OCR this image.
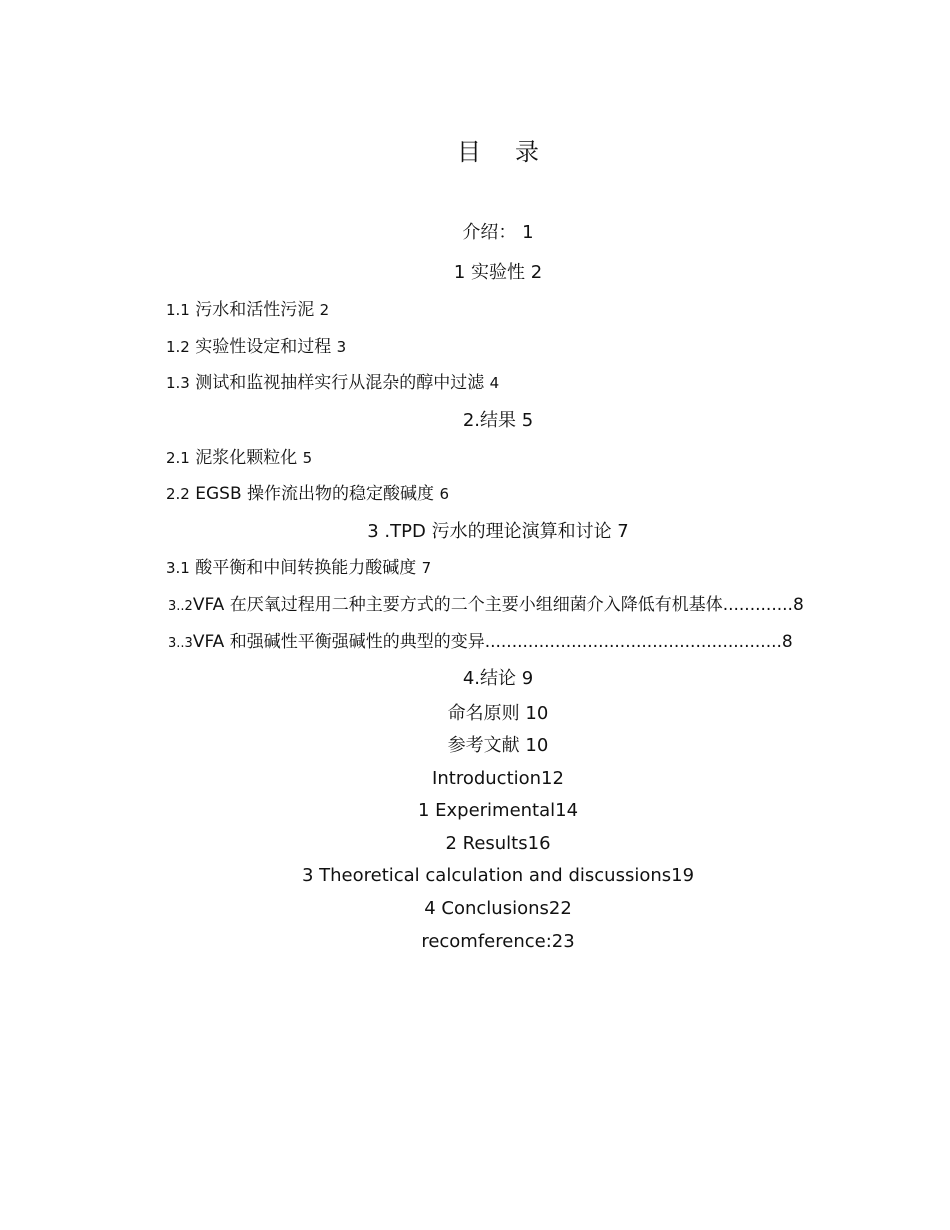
目 录
介绍： 1
1 实验性 2
1.1 污水和活性污泥 2
1.2 实验性设定和过程 3
1.3 测试和监视抽样实行从混杂的醇中过滤 4
2.结果 5
2.1 泥浆化颗粒化 5
2.2 EGSB 操作流出物的稳定酸碱度 6
3 .TPD 污水的理论演算和讨论 7
3.1 酸平衡和中间转换能力酸碱度 7
3..2VFA 在厌氧过程用二种主要方式的二个主要小组细菌介入降低有机基体.............8
3..3VFA 和强碱性平衡强碱性的典型的变异.......................................................8
4.结论 9
命名原则 10
参考文献 10
Introduction12
1 Experimental14
2 Results16
3 Theoretical calculation and discussions19
4 Conclusions22
recomference:23
